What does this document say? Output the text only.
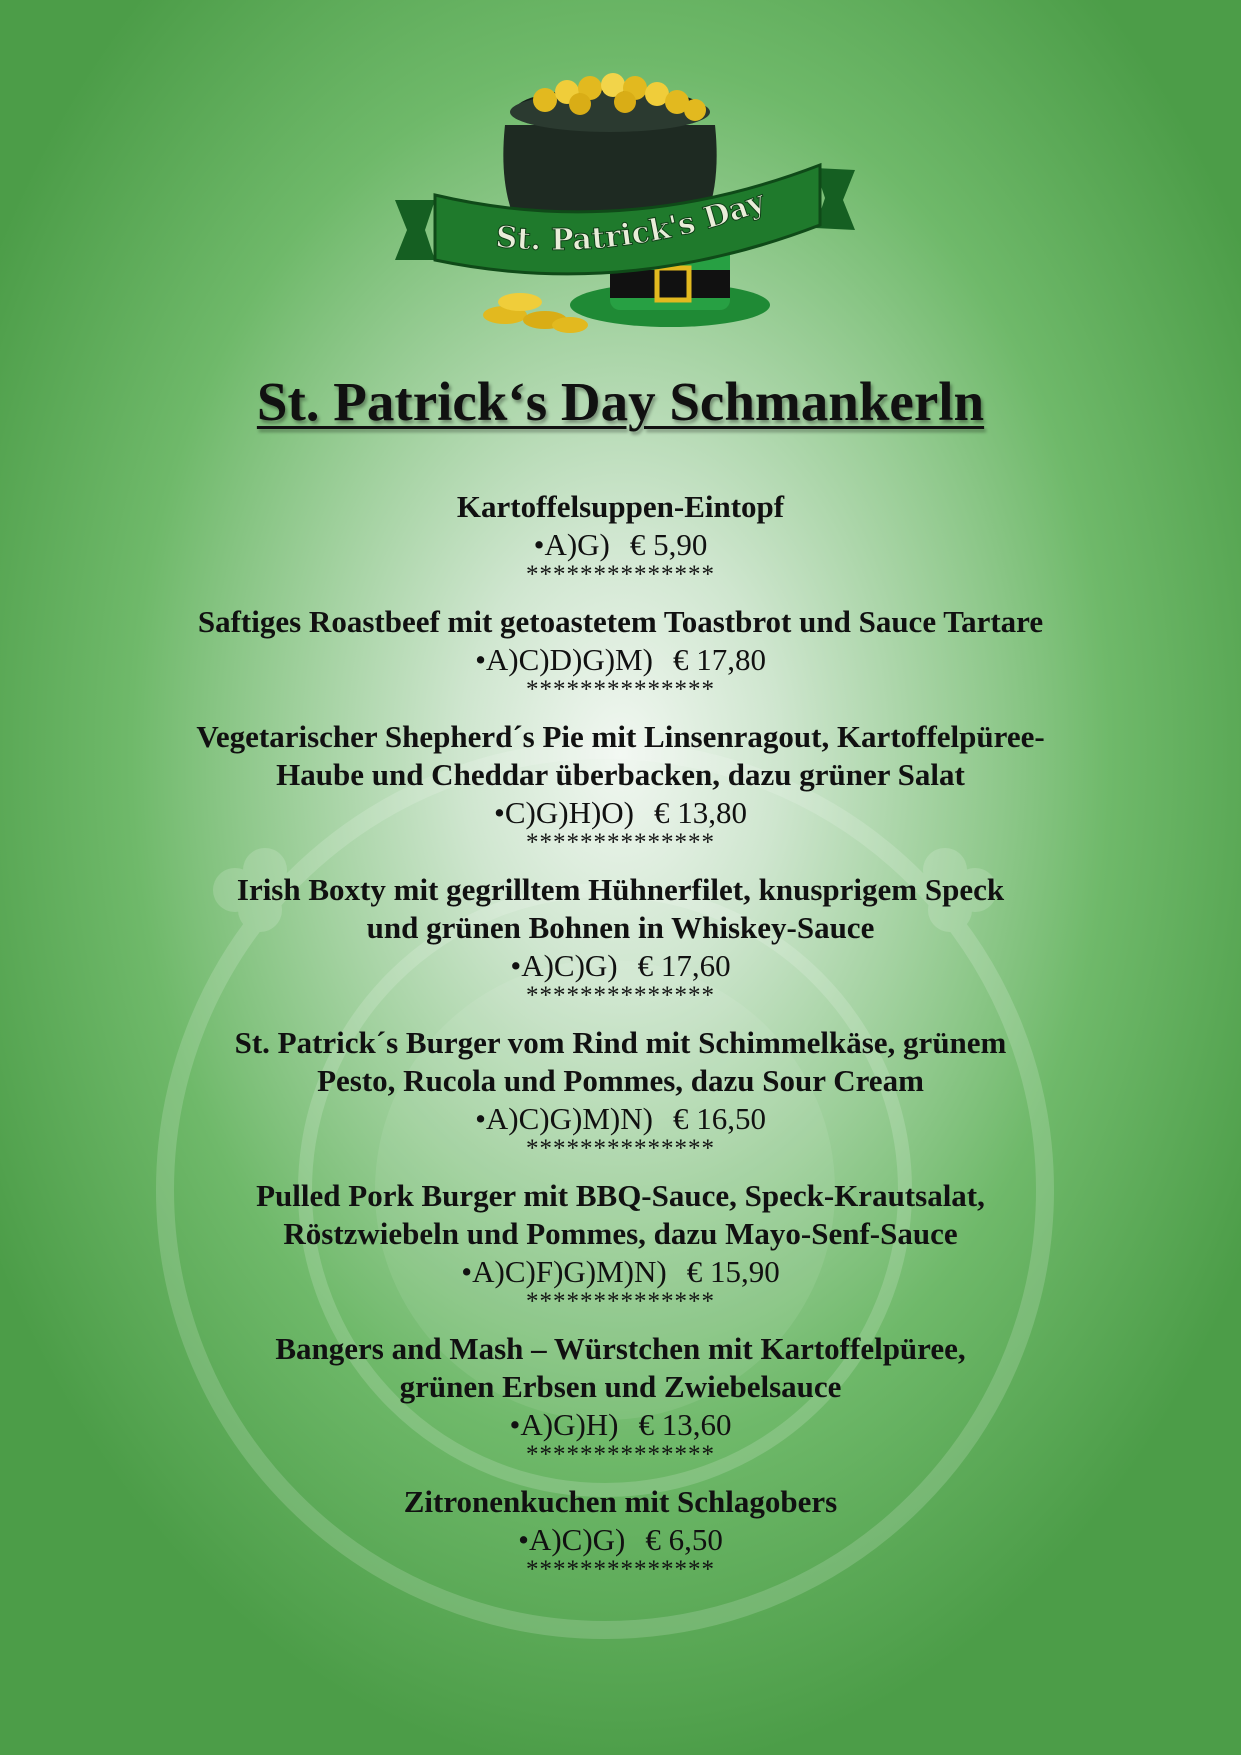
St. Patrick's Day
St. Patrick‘s Day Schmankerln
Kartoffelsuppen-Eintopf
•A)G) € 5,90
**************
Saftiges Roastbeef mit getoastetem Toastbrot und Sauce Tartare
•A)C)D)G)M) € 17,80
**************
Vegetarischer Shepherd´s Pie mit Linsenragout, Kartoffelpüree-
Haube und Cheddar überbacken, dazu grüner Salat
•C)G)H)O) € 13,80
**************
Irish Boxty mit gegrilltem Hühnerfilet, knusprigem Speck
und grünen Bohnen in Whiskey-Sauce
•A)C)G) € 17,60
**************
St. Patrick´s Burger vom Rind mit Schimmelkäse, grünem
Pesto, Rucola und Pommes, dazu Sour Cream
•A)C)G)M)N) € 16,50
**************
Pulled Pork Burger mit BBQ-Sauce, Speck-Krautsalat,
Röstzwiebeln und Pommes, dazu Mayo-Senf-Sauce
•A)C)F)G)M)N) € 15,90
**************
Bangers and Mash – Würstchen mit Kartoffelpüree,
grünen Erbsen und Zwiebelsauce
•A)G)H) € 13,60
**************
Zitronenkuchen mit Schlagobers
•A)C)G) € 6,50
**************
